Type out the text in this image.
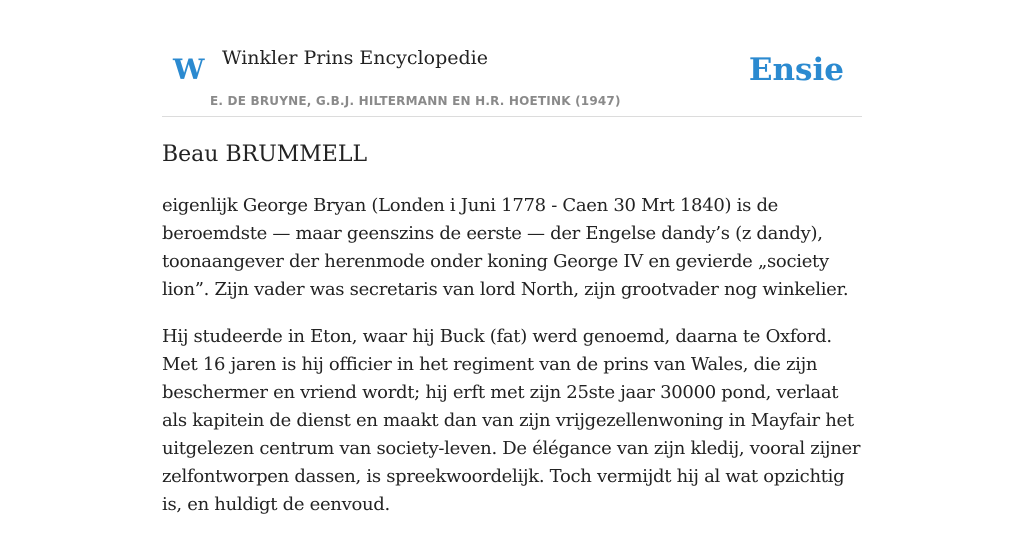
W Winkler Prins Encyclopedie
E. DE BRUYNE, G.B.J. HILTERMANN EN H.R. HOETINK (1947)
Ensie
Beau BRUMMELL

eigenlijk George Bryan (Londen i Juni 1778 - Caen 30 Mrt 1840) is de beroemdste — maar geenszins de eerste — der Engelse dandy’s (z dandy), toonaangever der herenmode onder koning George IV en gevierde „society lion”. Zijn vader was secretaris van lord North, zijn grootvader nog winkelier.

Hij studeerde in Eton, waar hij Buck (fat) werd genoemd, daarna te Oxford. Met 16 jaren is hij officier in het regiment van de prins van Wales, die zijn beschermer en vriend wordt; hij erft met zijn 25ste jaar 30000 pond, verlaat als kapitein de dienst en maakt dan van zijn vrijgezellenwoning in Mayfair het uitgelezen centrum van society-leven. De élégance van zijn kledij, vooral zijner zelfontworpen dassen, is spreekwoordelijk. Toch vermijdt hij al wat opzichtig is, en huldigt de eenvoud.
